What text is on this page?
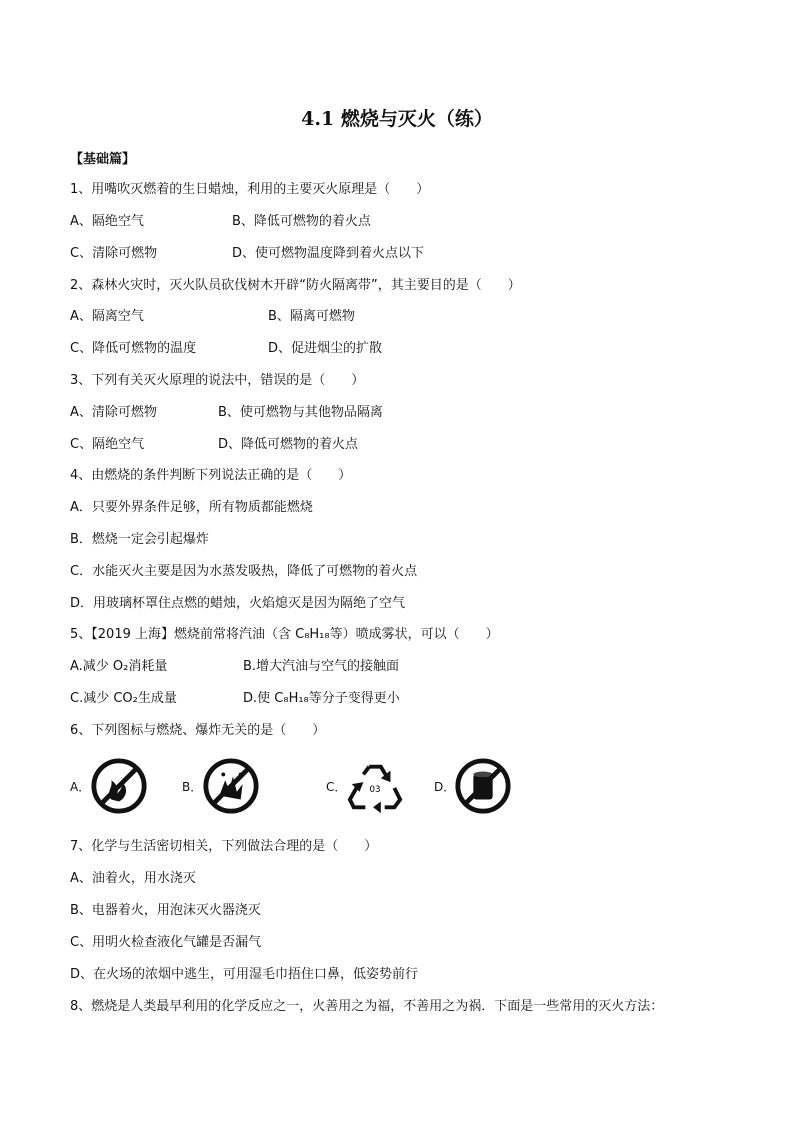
4.1 燃烧与灭火（练）
【基础篇】
1、用嘴吹灭燃着的生日蜡烛，利用的主要灭火原理是（　　）
A、隔绝空气	B、降低可燃物的着火点
C、清除可燃物	D、使可燃物温度降到着火点以下
2、森林火灾时，灭火队员砍伐树木开辟“防火隔离带”，其主要目的是（　　）
A、隔离空气	B、隔离可燃物
C、降低可燃物的温度	D、促进烟尘的扩散
3、下列有关灭火原理的说法中，错误的是（　　）
A、清除可燃物	B、使可燃物与其他物品隔离
C、隔绝空气	D、降低可燃物的着火点
4、由燃烧的条件判断下列说法正确的是（　　）
A．只要外界条件足够，所有物质都能燃烧
B．燃烧一定会引起爆炸
C．水能灭火主要是因为水蒸发吸热，降低了可燃物的着火点
D．用玻璃杯罩住点燃的蜡烛，火焰熄灭是因为隔绝了空气
5、【2019 上海】燃烧前常将汽油（含 C₈H₁₈等）喷成雾状，可以（　　）
A.减少 O₂消耗量	B.增大汽油与空气的接触面
C.减少 CO₂生成量	D.使 C₈H₁₈等分子变得更小
6、下列图标与燃烧、爆炸无关的是（　　）
A．	B．	C．	03	D．
7、化学与生活密切相关，下列做法合理的是（　　）
A、油着火，用水浇灭
B、电器着火，用泡沫灭火器浇灭
C、用明火检查液化气罐是否漏气
D、在火场的浓烟中逃生，可用湿毛巾捂住口鼻，低姿势前行
8、燃烧是人类最早利用的化学反应之一，火善用之为福，不善用之为祸．下面是一些常用的灭火方法：
